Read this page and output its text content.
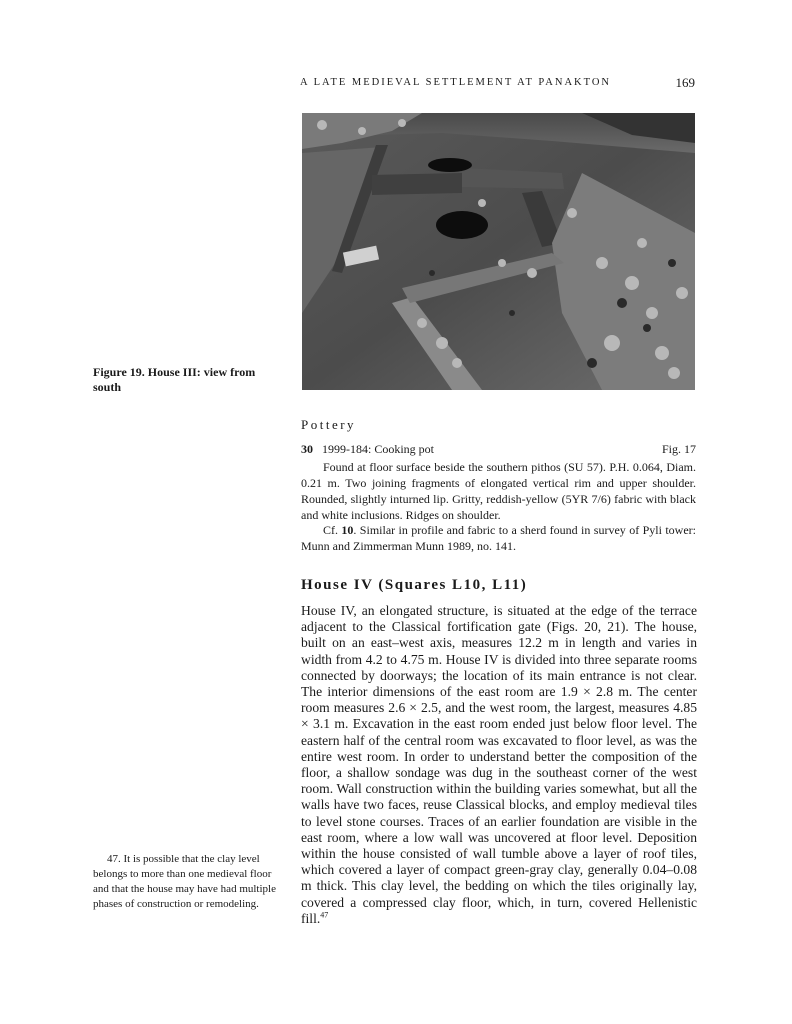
A LATE MEDIEVAL SETTLEMENT AT PANAKTON	169
Figure 19. House III: view from south
Pottery
30 1999-184: Cooking pot	Fig. 17
Found at floor surface beside the southern pithos (SU 57). P.H. 0.064, Diam. 0.21 m. Two joining fragments of elongated vertical rim and upper shoulder. Rounded, slightly inturned lip. Gritty, reddish-yellow (5YR 7/6) fabric with black and white inclusions. Ridges on shoulder.
Cf. 10. Similar in profile and fabric to a sherd found in survey of Pyli tower: Munn and Zimmerman Munn 1989, no. 141.
House IV (Squares L10, L11)
House IV, an elongated structure, is situated at the edge of the terrace adjacent to the Classical fortification gate (Figs. 20, 21). The house, built on an east–west axis, measures 12.2 m in length and varies in width from 4.2 to 4.75 m. House IV is divided into three separate rooms connected by doorways; the location of its main entrance is not clear. The interior dimensions of the east room are 1.9 × 2.8 m. The center room measures 2.6 × 2.5, and the west room, the largest, measures 4.85 × 3.1 m. Excavation in the east room ended just below floor level. The eastern half of the central room was excavated to floor level, as was the entire west room. In order to understand better the composition of the floor, a shallow sondage was dug in the southeast corner of the west room. Wall construction within the building varies somewhat, but all the walls have two faces, reuse Classical blocks, and employ medieval tiles to level stone courses. Traces of an earlier foundation are visible in the east room, where a low wall was uncovered at floor level. Deposition within the house consisted of wall tumble above a layer of roof tiles, which covered a layer of compact green-gray clay, generally 0.04–0.08 m thick. This clay level, the bedding on which the tiles originally lay, covered a compressed clay floor, which, in turn, covered Hellenistic fill.$^{47}$
47. It is possible that the clay level belongs to more than one medieval floor and that the house may have had multiple phases of construction or remodeling.
